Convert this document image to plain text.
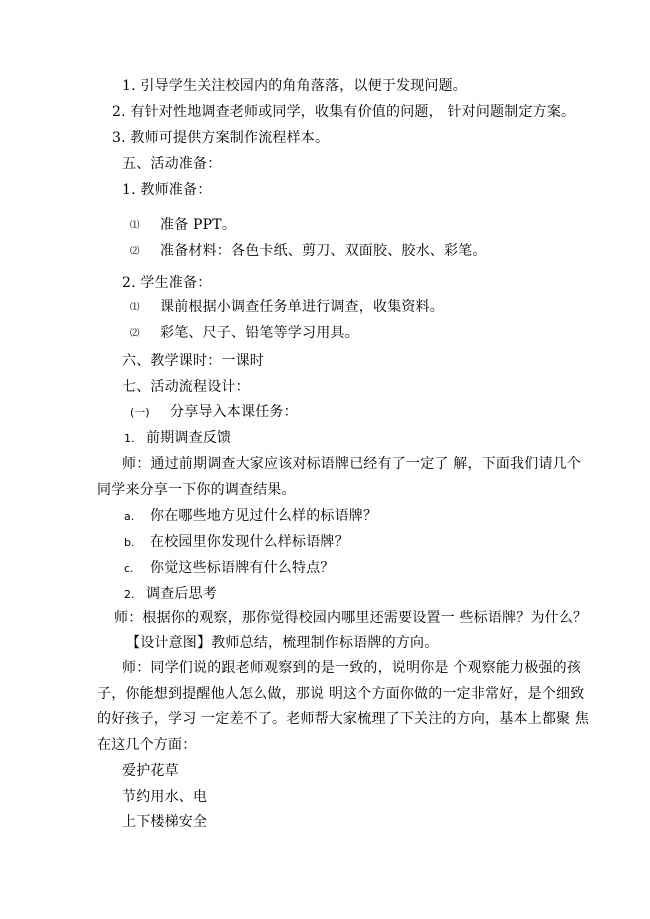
1. 引导学生关注校园内的角角落落，以便于发现问题。
2. 有针对性地调查老师或同学，收集有价值的问题， 针对问题制定方案。
3. 教师可提供方案制作流程样本。
五、活动准备：
1. 教师准备：
⑴ 准备 PPT。
⑵ 准备材料：各色卡纸、剪刀、双面胶、胶水、彩笔。
2. 学生准备：
⑴ 课前根据小调查任务单进行调查，收集资料。
⑵ 彩笔、尺子、铅笔等学习用具。
六、教学课时：一课时
七、活动流程设计：
(一) 分享导入本课任务：
1. 前期调查反馈
师：通过前期调查大家应该对标语牌已经有了一定了 解，下面我们请几个
同学来分享一下你的调查结果。
a. 你在哪些地方见过什么样的标语牌？
b. 在校园里你发现什么样标语牌？
c. 你觉这些标语牌有什么特点？
2. 调查后思考
师：根据你的观察，那你觉得校园内哪里还需要设置一 些标语牌？为什么？
【设计意图】教师总结，梳理制作标语牌的方向。
师：同学们说的跟老师观察到的是一致的，说明你是 个观察能力极强的孩
子，你能想到提醒他人怎么做，那说 明这个方面你做的一定非常好，是个细致
的好孩子，学习 一定差不了。老师帮大家梳理了下关注的方向，基本上都聚 焦
在这几个方面：
爱护花草
节约用水、电
上下楼梯安全
